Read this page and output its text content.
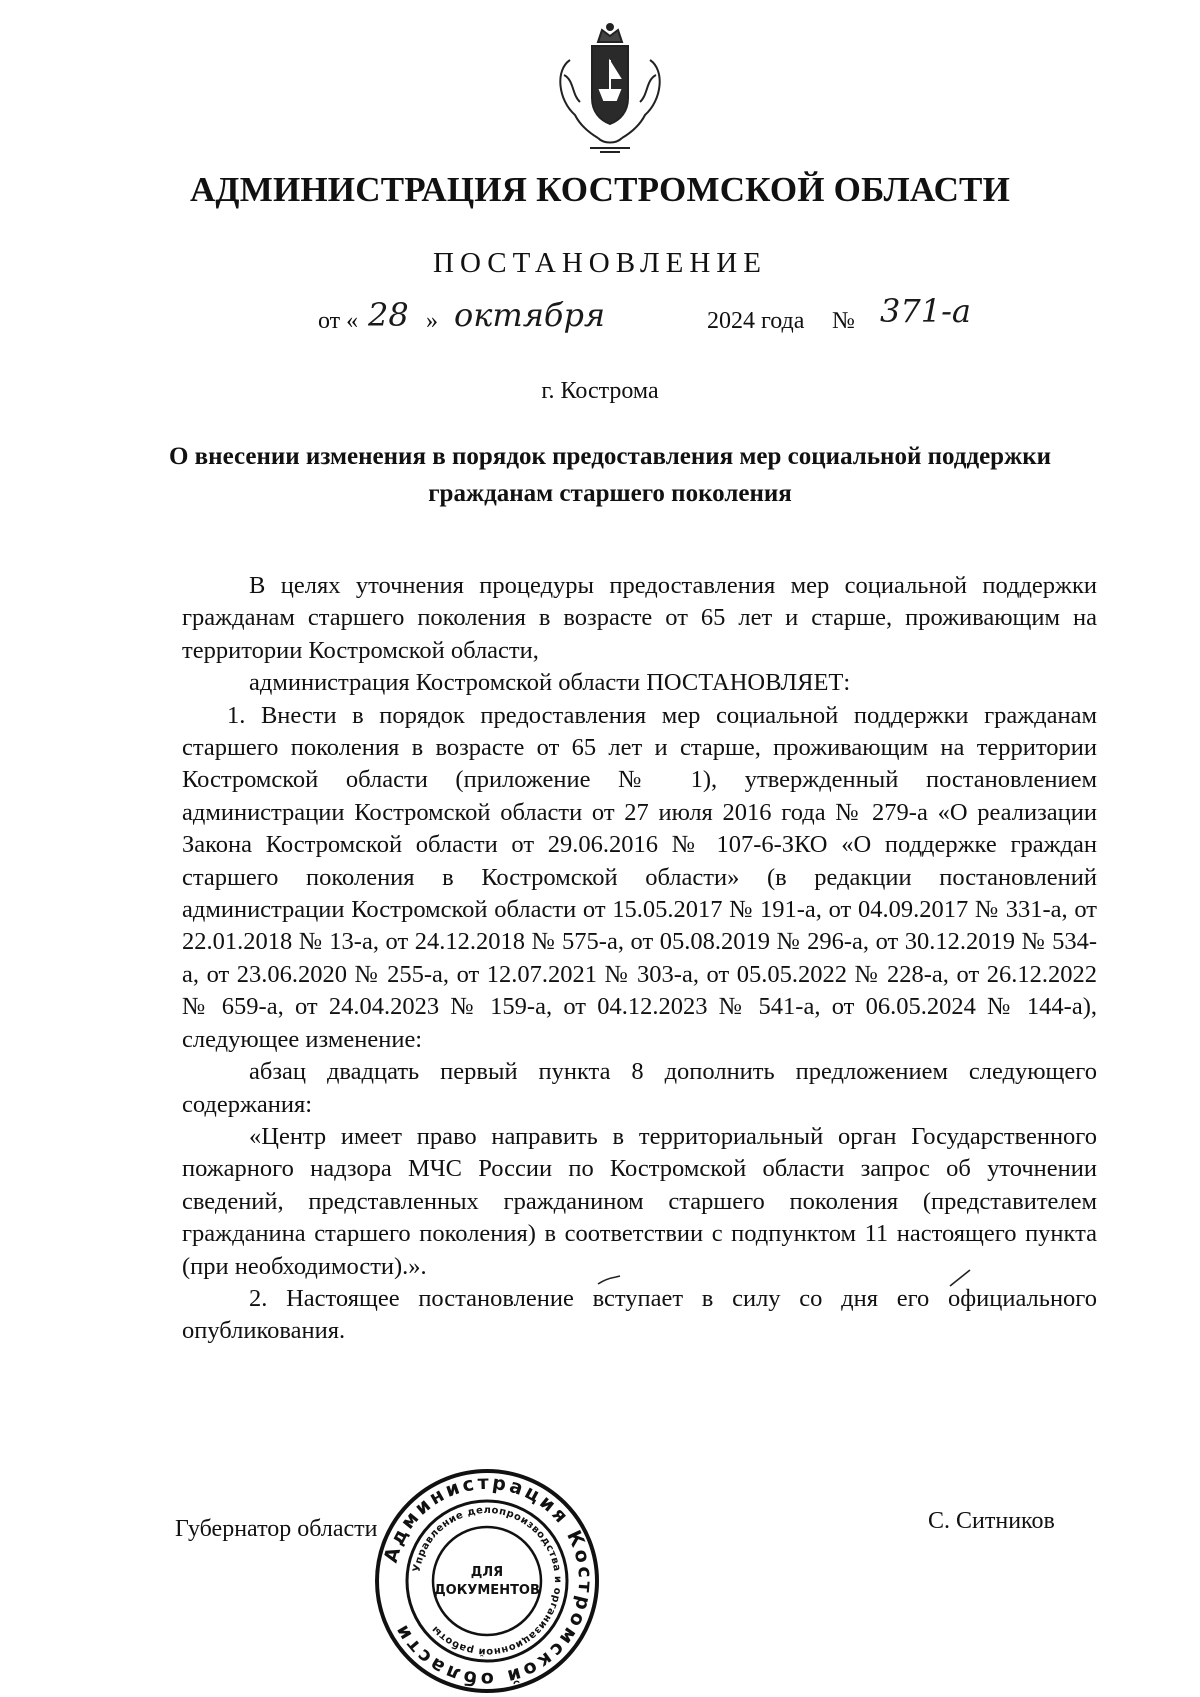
АДМИНИСТРАЦИЯ КОСТРОМСКОЙ ОБЛАСТИ
ПОСТАНОВЛЕНИЕ
от « 28 » октября	2024 года № 371-а
г. Кострома
О внесении изменения в порядок предоставления мер социальной поддержки гражданам старшего поколения

В целях уточнения процедуры предоставления мер социальной поддержки гражданам старшего поколения в возрасте от 65 лет и старше, проживающим на территории Костромской области,

администрация Костромской области ПОСТАНОВЛЯЕТ:

1. Внести в порядок предоставления мер социальной поддержки гражданам старшего поколения в возрасте от 65 лет и старше, проживающим на территории Костромской области (приложение № 1), утвержденный постановлением администрации Костромской области от 27 июля 2016 года № 279-а «О реализации Закона Костромской области от 29.06.2016 № 107-6-ЗКО «О поддержке граждан старшего поколения в Костромской области» (в редакции постановлений администрации Костромской области от 15.05.2017 № 191-а, от 04.09.2017 № 331-а, от 22.01.2018 № 13-а, от 24.12.2018 № 575-а, от 05.08.2019 № 296-а, от 30.12.2019 № 534-а, от 23.06.2020 № 255-а, от 12.07.2021 № 303-а, от 05.05.2022 № 228-а, от 26.12.2022 № 659-а, от 24.04.2023 № 159-а, от 04.12.2023 № 541-а, от 06.05.2024 № 144-а), следующее изменение:

абзац двадцать первый пункта 8 дополнить предложением следующего содержания:

«Центр имеет право направить в территориальный орган Государственного пожарного надзора МЧС России по Костромской области запрос об уточнении сведений, представленных гражданином старшего поколения (представителем гражданина старшего поколения) в соответствии с подпунктом 11 настоящего пункта (при необходимости).».

2. Настоящее постановление вступает в силу со дня его официального опубликования.

Губернатор области	С. Ситников
Администрация Костромской области
Управление делопроизводства и организационной работы
ДЛЯ
ДОКУМЕНТОВ
